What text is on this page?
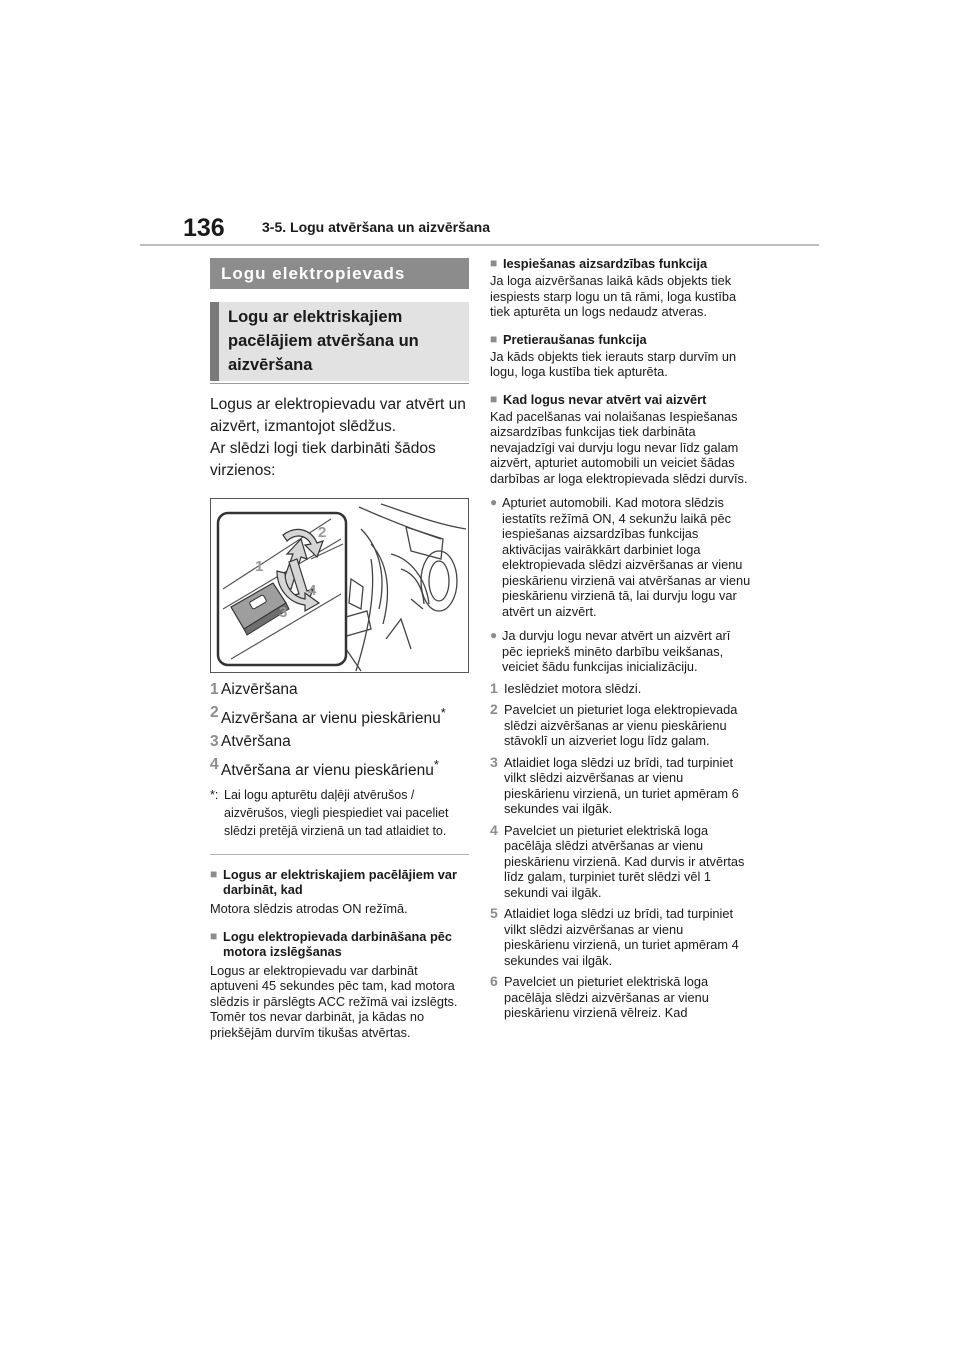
136	3-5. Logu atvēršana un aizvēršana
Logu elektropievads
Logu ar elektriskajiem pacēlājiem atvēršana un aizvēršana

Logus ar elektropievadu var atvērt un aizvērt, izmantojot slēdžus.

Ar slēdzi logi tiek darbināti šādos virzienos:

1
2
3
4
1 Aizvēršana
2 Aizvēršana ar vienu pieskārienu*
3 Atvēršana
4 Atvēršana ar vienu pieskārienu*
*: Lai logu apturētu daļēji atvērušos / aizvērušos, viegli piespiediet vai paceliet slēdzi pretējā virzienā un tad atlaidiet to.
■ Logus ar elektriskajiem pacēlājiem var darbināt, kad
Motora slēdzis atrodas ON režīmā.
■ Logu elektropievada darbināšana pēc motora izslēgšanas
Logus ar elektropievadu var darbināt aptuveni 45 sekundes pēc tam, kad motora slēdzis ir pārslēgts ACC režīmā vai izslēgts. Tomēr tos nevar darbināt, ja kādas no priekšējām durvīm tikušas atvērtas.
■ Iespiešanas aizsardzības funkcija
Ja loga aizvēršanas laikā kāds objekts tiek iespiests starp logu un tā rāmi, loga kustība tiek apturēta un logs nedaudz atveras.
■ Pretieraušanas funkcija
Ja kāds objekts tiek ierauts starp durvīm un logu, loga kustība tiek apturēta.
■ Kad logus nevar atvērt vai aizvērt
Kad pacelšanas vai nolaišanas Iespiešanas aizsardzības funkcijas tiek darbināta nevajadzīgi vai durvju logu nevar līdz galam aizvērt, apturiet automobili un veiciet šādas darbības ar loga elektropievada slēdzi durvīs.
● Apturiet automobili. Kad motora slēdzis iestatīts režīmā ON, 4 sekunžu laikā pēc iespiešanas aizsardzības funkcijas aktivācijas vairākkārt darbiniet loga elektropievada slēdzi aizvēršanas ar vienu pieskārienu virzienā vai atvēršanas ar vienu pieskārienu virzienā tā, lai durvju logu var atvērt un aizvērt.
● Ja durvju logu nevar atvērt un aizvērt arī pēc iepriekš minēto darbību veikšanas, veiciet šādu funkcijas inicializāciju.
1 Ieslēdziet motora slēdzi.
2 Pavelciet un pieturiet loga elektropievada slēdzi aizvēršanas ar vienu pieskārienu stāvoklī un aizveriet logu līdz galam.
3 Atlaidiet loga slēdzi uz brīdi, tad turpiniet vilkt slēdzi aizvēršanas ar vienu pieskārienu virzienā, un turiet apmēram 6 sekundes vai ilgāk.
4 Pavelciet un pieturiet elektriskā loga pacēlāja slēdzi atvēršanas ar vienu pieskārienu virzienā. Kad durvis ir atvērtas līdz galam, turpiniet turēt slēdzi vēl 1 sekundi vai ilgāk.
5 Atlaidiet loga slēdzi uz brīdi, tad turpiniet vilkt slēdzi aizvēršanas ar vienu pieskārienu virzienā, un turiet apmēram 4 sekundes vai ilgāk.
6 Pavelciet un pieturiet elektriskā loga pacēlāja slēdzi aizvēršanas ar vienu pieskārienu virzienā vēlreiz. Kad
